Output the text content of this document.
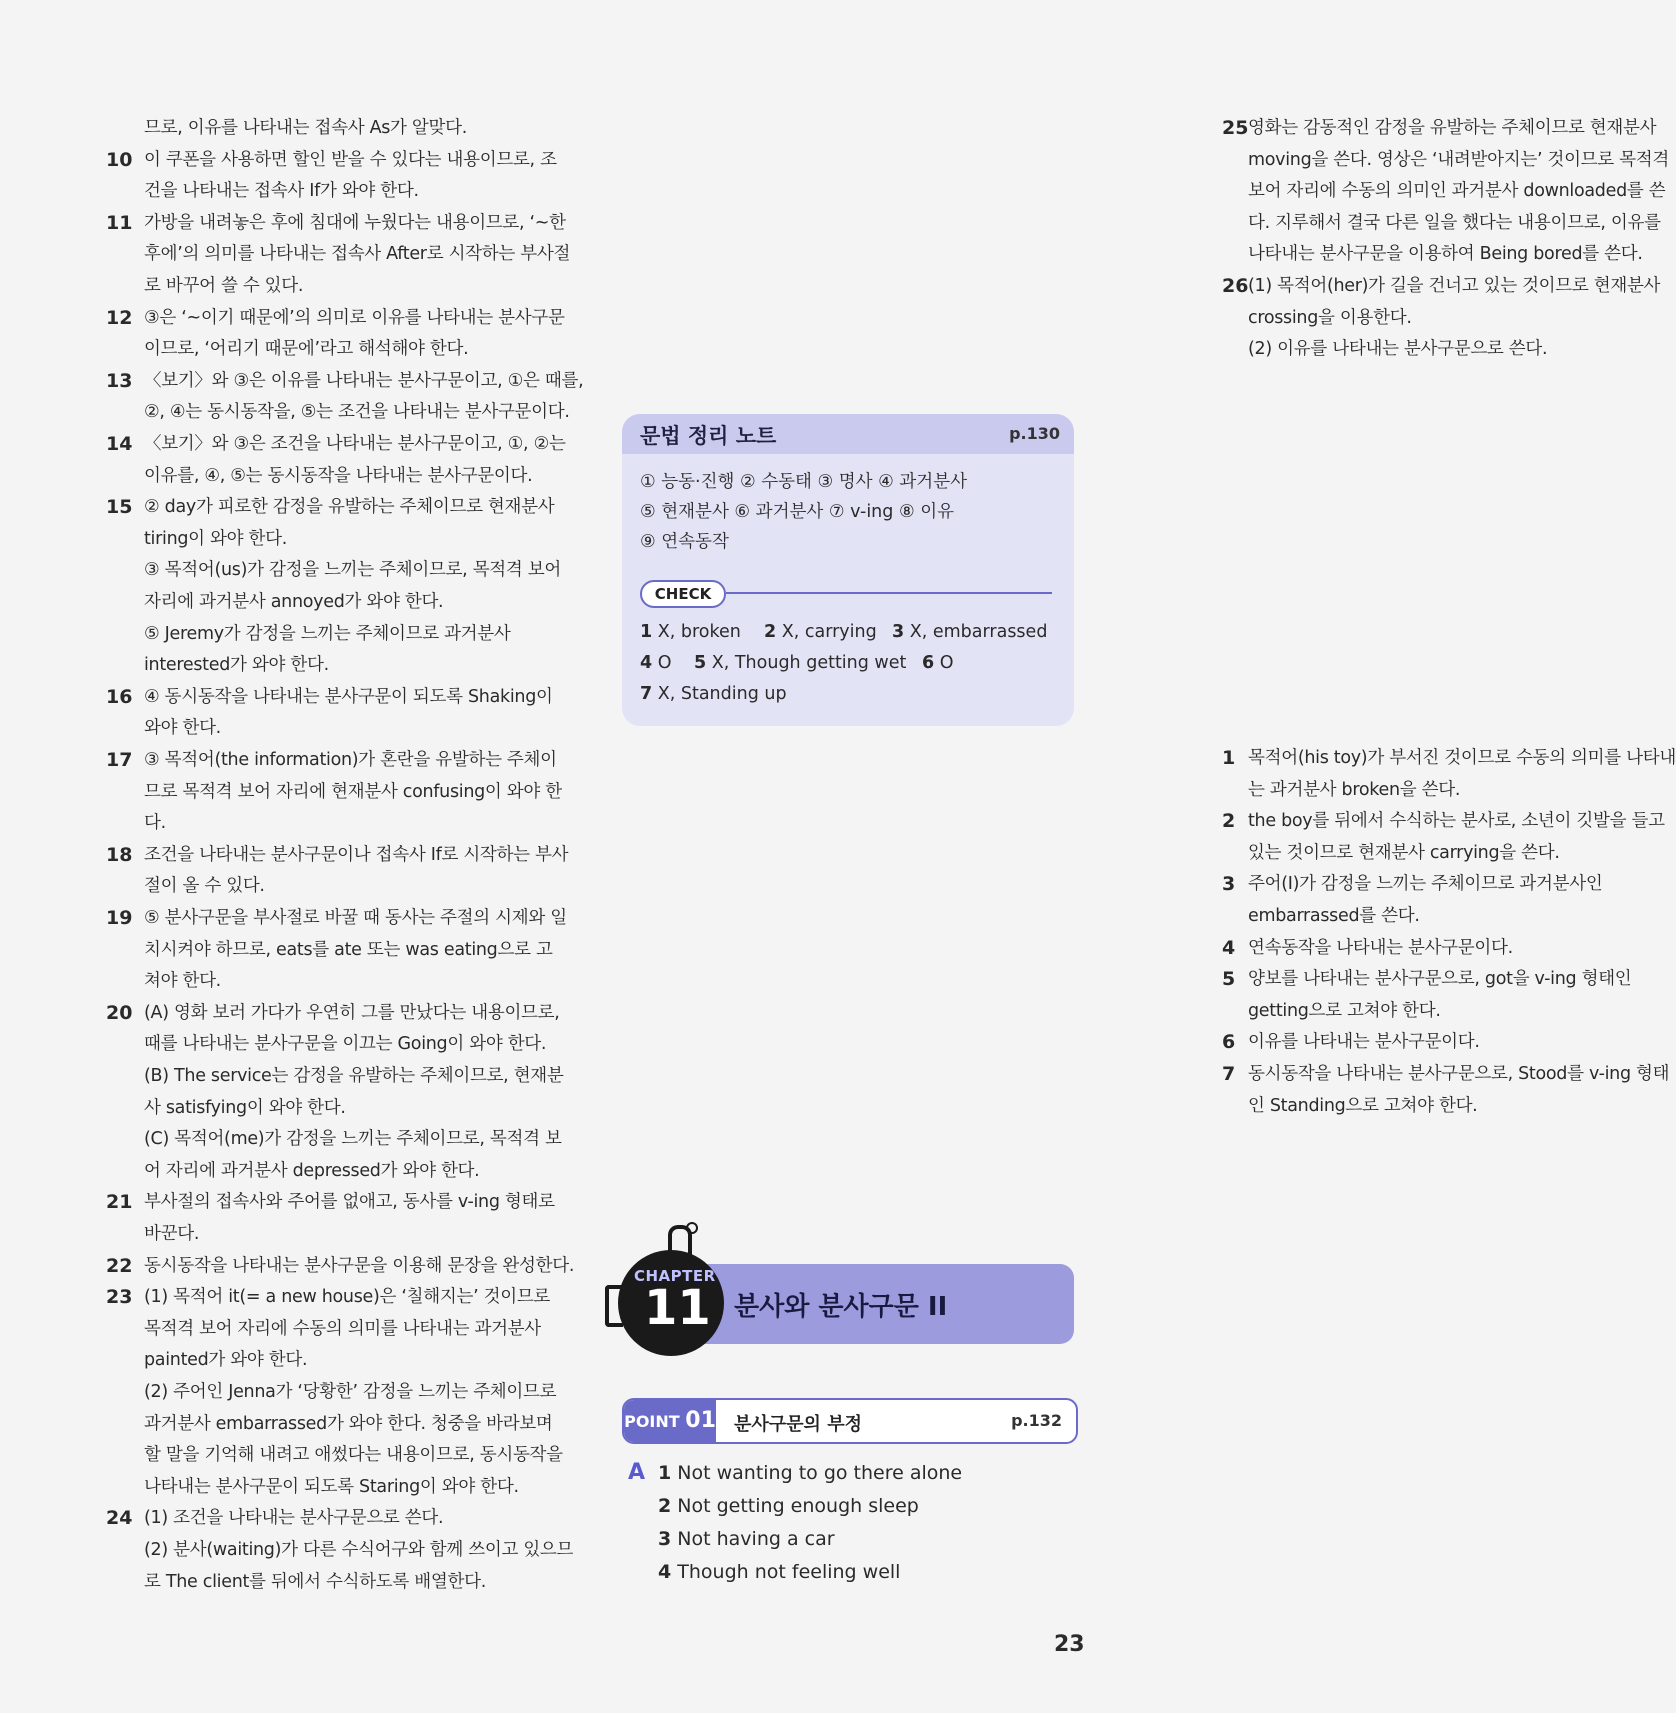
므로, 이유를 나타내는 접속사 As가 알맞다.
10 이 쿠폰을 사용하면 할인 받을 수 있다는 내용이므로, 조
건을 나타내는 접속사 If가 와야 한다.
11 가방을 내려놓은 후에 침대에 누웠다는 내용이므로, ‘~한
후에’의 의미를 나타내는 접속사 After로 시작하는 부사절
로 바꾸어 쓸 수 있다.
12 ③은 ‘~이기 때문에’의 의미로 이유를 나타내는 분사구문
이므로, ‘어리기 때문에’라고 해석해야 한다.
13 〈보기〉와 ③은 이유를 나타내는 분사구문이고, ①은 때를,
②, ④는 동시동작을, ⑤는 조건을 나타내는 분사구문이다.
14 〈보기〉와 ③은 조건을 나타내는 분사구문이고, ①, ②는
이유를, ④, ⑤는 동시동작을 나타내는 분사구문이다.
15 ② day가 피로한 감정을 유발하는 주체이므로 현재분사
tiring이 와야 한다.
③ 목적어(us)가 감정을 느끼는 주체이므로, 목적격 보어
자리에 과거분사 annoyed가 와야 한다.
⑤ Jeremy가 감정을 느끼는 주체이므로 과거분사
interested가 와야 한다.
16 ④ 동시동작을 나타내는 분사구문이 되도록 Shaking이
와야 한다.
17 ③ 목적어(the information)가 혼란을 유발하는 주체이
므로 목적격 보어 자리에 현재분사 confusing이 와야 한
다.
18 조건을 나타내는 분사구문이나 접속사 If로 시작하는 부사
절이 올 수 있다.
19 ⑤ 분사구문을 부사절로 바꿀 때 동사는 주절의 시제와 일
치시켜야 하므로, eats를 ate 또는 was eating으로 고
쳐야 한다.
20 (A) 영화 보러 가다가 우연히 그를 만났다는 내용이므로,
때를 나타내는 분사구문을 이끄는 Going이 와야 한다.
(B) The service는 감정을 유발하는 주체이므로, 현재분
사 satisfying이 와야 한다.
(C) 목적어(me)가 감정을 느끼는 주체이므로, 목적격 보
어 자리에 과거분사 depressed가 와야 한다.
21 부사절의 접속사와 주어를 없애고, 동사를 v-ing 형태로
바꾼다.
22 동시동작을 나타내는 분사구문을 이용해 문장을 완성한다.
23 (1) 목적어 it(= a new house)은 ‘칠해지는’ 것이므로
목적격 보어 자리에 수동의 의미를 나타내는 과거분사
painted가 와야 한다.
(2) 주어인 Jenna가 ‘당황한’ 감정을 느끼는 주체이므로
과거분사 embarrassed가 와야 한다. 청중을 바라보며
할 말을 기억해 내려고 애썼다는 내용이므로, 동시동작을
나타내는 분사구문이 되도록 Staring이 와야 한다.
24 (1) 조건을 나타내는 분사구문으로 쓴다.
(2) 분사(waiting)가 다른 수식어구와 함께 쓰이고 있으므
로 The client를 뒤에서 수식하도록 배열한다.
25 영화는 감동적인 감정을 유발하는 주체이므로 현재분사
moving을 쓴다. 영상은 ‘내려받아지는’ 것이므로 목적격
보어 자리에 수동의 의미인 과거분사 downloaded를 쓴
다. 지루해서 결국 다른 일을 했다는 내용이므로, 이유를
나타내는 분사구문을 이용하여 Being bored를 쓴다.
26 (1) 목적어(her)가 길을 건너고 있는 것이므로 현재분사
crossing을 이용한다.
(2) 이유를 나타내는 분사구문으로 쓴다.
문법 정리 노트	p.130
① 능동·진행 ② 수동태 ③ 명사 ④ 과거분사
⑤ 현재분사 ⑥ 과거분사 ⑦ v-ing ⑧ 이유
⑨ 연속동작
CHECK
1 X, broken 2 X, carrying 3 X, embarrassed
4 O 5 X, Though getting wet 6 O
7 X, Standing up
1 목적어(his toy)가 부서진 것이므로 수동의 의미를 나타내
는 과거분사 broken을 쓴다.
2 the boy를 뒤에서 수식하는 분사로, 소년이 깃발을 들고
있는 것이므로 현재분사 carrying을 쓴다.
3 주어(I)가 감정을 느끼는 주체이므로 과거분사인
embarrassed를 쓴다.
4 연속동작을 나타내는 분사구문이다.
5 양보를 나타내는 분사구문으로, got을 v-ing 형태인
getting으로 고쳐야 한다.
6 이유를 나타내는 분사구문이다.
7 동시동작을 나타내는 분사구문으로, Stood를 v-ing 형태
인 Standing으로 고쳐야 한다.
CHAPTER
11 분사와 분사구문 II
POINT 01 분사구문의 부정	p.132
A 1 Not wanting to go there alone
2 Not getting enough sleep
3 Not having a car
4 Though not feeling well
23
